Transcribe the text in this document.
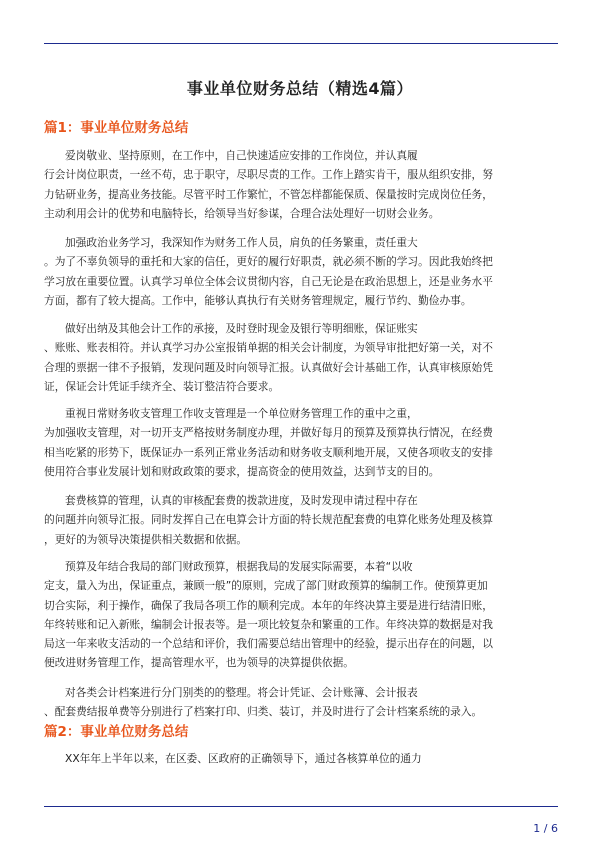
事业单位财务总结（精选4篇）
篇1：事业单位财务总结
爱岗敬业、坚持原则，在工作中，自己快速适应安排的工作岗位，并认真履
行会计岗位职责，一丝不苟，忠于职守，尽职尽责的工作。工作上踏实肯干，服从组织安排，努
力钻研业务，提高业务技能。尽管平时工作繁忙，不管怎样都能保质、保量按时完成岗位任务，
主动利用会计的优势和电脑特长，给领导当好参谋，合理合法处理好一切财会业务。
加强政治业务学习，我深知作为财务工作人员，肩负的任务繁重，责任重大
。为了不辜负领导的重托和大家的信任，更好的履行好职责，就必须不断的学习。因此我始终把
学习放在重要位置。认真学习单位全体会议贯彻内容，自己无论是在政治思想上，还是业务水平
方面，都有了较大提高。工作中，能够认真执行有关财务管理规定，履行节约、勤俭办事。
做好出纳及其他会计工作的承接，及时登时现金及银行等明细账，保证账实
、账账、账表相符。并认真学习办公室报销单据的相关会计制度，为领导审批把好第一关，对不
合理的票据一律不予报销，发现问题及时向领导汇报。认真做好会计基础工作，认真审核原始凭
证，保证会计凭证手续齐全、装订整洁符合要求。
重视日常财务收支管理工作收支管理是一个单位财务管理工作的重中之重，
为加强收支管理，对一切开支严格按财务制度办理，并做好每月的预算及预算执行情况，在经费
相当吃紧的形势下，既保证办一系列正常业务活动和财务收支顺利地开展，又使各项收支的安排
使用符合事业发展计划和财政政策的要求，提高资金的使用效益，达到节支的目的。
套费核算的管理，认真的审核配套费的拨款进度，及时发现申请过程中存在
的问题并向领导汇报。同时发挥自己在电算会计方面的特长规范配套费的电算化账务处理及核算
，更好的为领导决策提供相关数据和依据。
预算及年结合我局的部门财政预算，根据我局的发展实际需要，本着“以收
定支，量入为出，保证重点，兼顾一般”的原则，完成了部门财政预算的编制工作。使预算更加
切合实际，利于操作，确保了我局各项工作的顺利完成。本年的年终决算主要是进行结清旧账，
年终转账和记入新账，编制会计报表等。是一项比较复杂和繁重的工作。年终决算的数据是对我
局这一年来收支活动的一个总结和评价，我们需要总结出管理中的经验，提示出存在的问题，以
便改进财务管理工作，提高管理水平，也为领导的决算提供依据。
对各类会计档案进行分门别类的的整理。将会计凭证、会计账簿、会计报表
、配套费结报单费等分别进行了档案打印、归类、装订，并及时进行了会计档案系统的录入。
篇2：事业单位财务总结
XX年年上半年以来，在区委、区政府的正确领导下，通过各核算单位的通力
1 / 6
